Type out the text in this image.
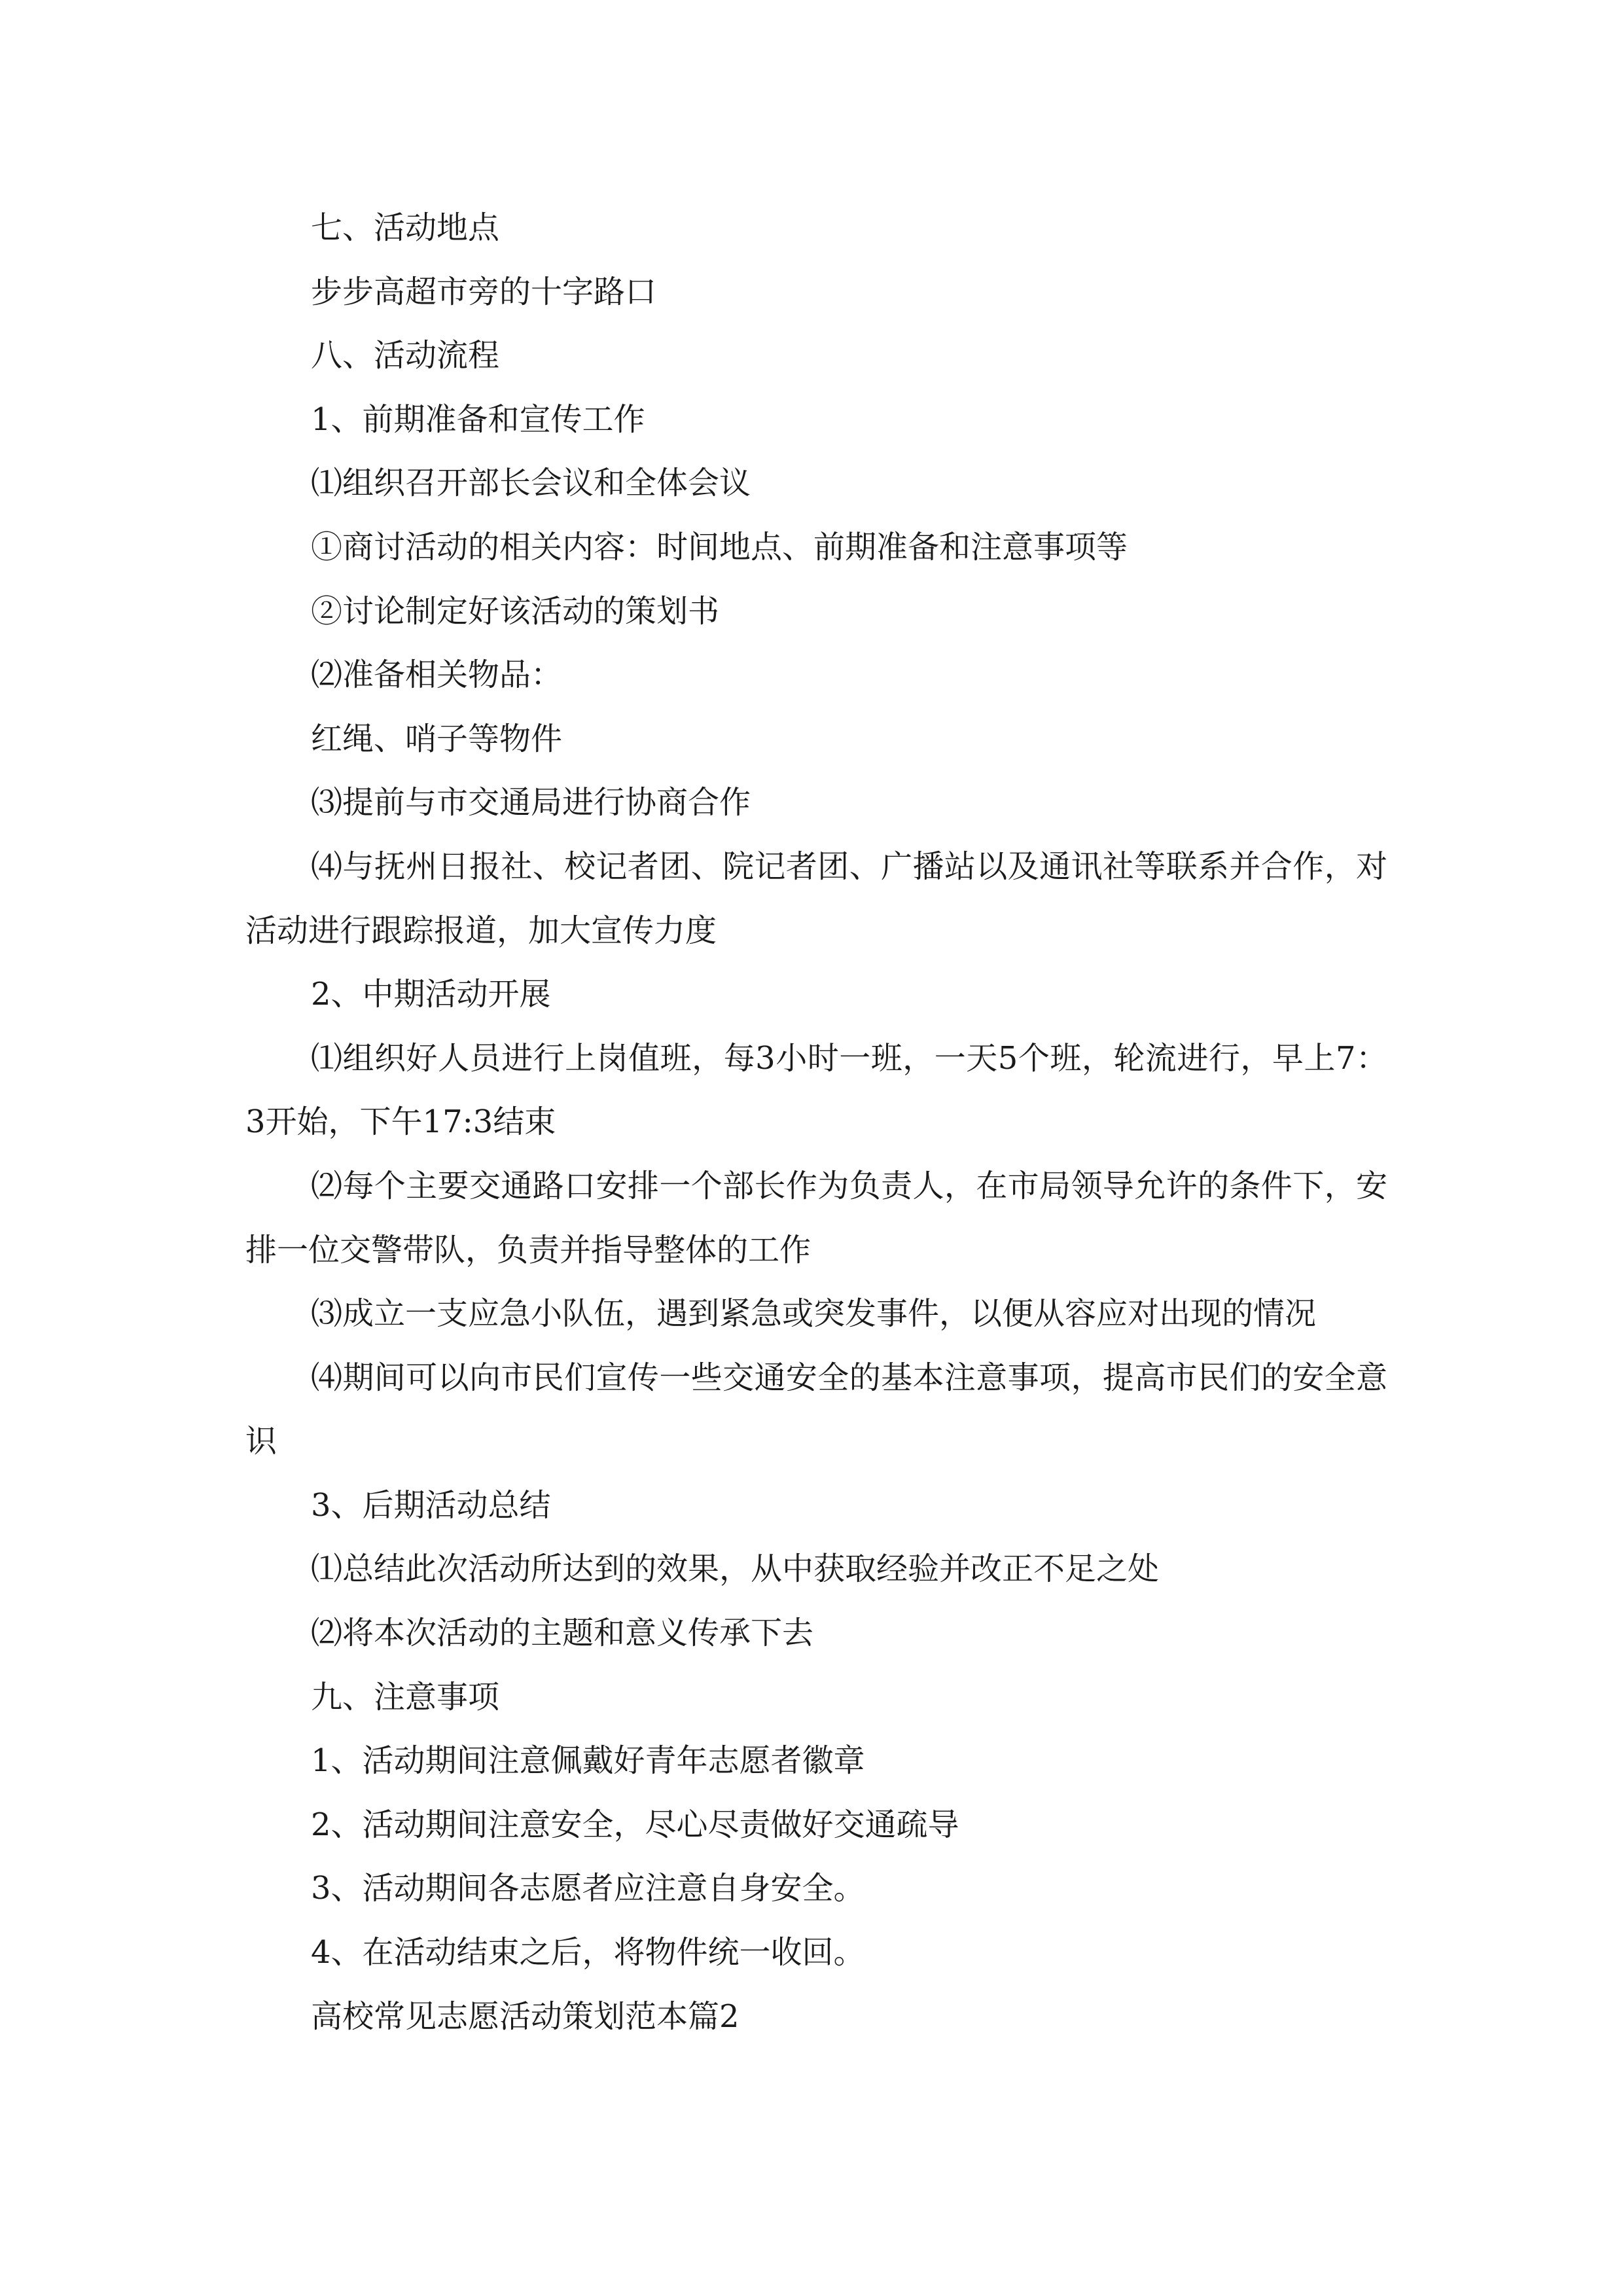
七、活动地点

步步高超市旁的十字路口

八、活动流程

1、前期准备和宣传工作

⑴组织召开部长会议和全体会议

①商讨活动的相关内容：时间地点、前期准备和注意事项等

②讨论制定好该活动的策划书

⑵准备相关物品：

红绳、哨子等物件

⑶提前与市交通局进行协商合作

⑷与抚州日报社、校记者团、院记者团、广播站以及通讯社等联系并合作，对活动进行跟踪报道，加大宣传力度

2、中期活动开展

⑴组织好人员进行上岗值班，每3小时一班，一天5个班，轮流进行，早上7：3开始，下午17:3结束

⑵每个主要交通路口安排一个部长作为负责人，在市局领导允许的条件下，安排一位交警带队，负责并指导整体的工作

⑶成立一支应急小队伍，遇到紧急或突发事件，以便从容应对出现的情况

⑷期间可以向市民们宣传一些交通安全的基本注意事项，提高市民们的安全意识

3、后期活动总结

⑴总结此次活动所达到的效果，从中获取经验并改正不足之处

⑵将本次活动的主题和意义传承下去

九、注意事项

1、活动期间注意佩戴好青年志愿者徽章

2、活动期间注意安全，尽心尽责做好交通疏导

3、活动期间各志愿者应注意自身安全。

4、在活动结束之后，将物件统一收回。

高校常见志愿活动策划范本篇2
